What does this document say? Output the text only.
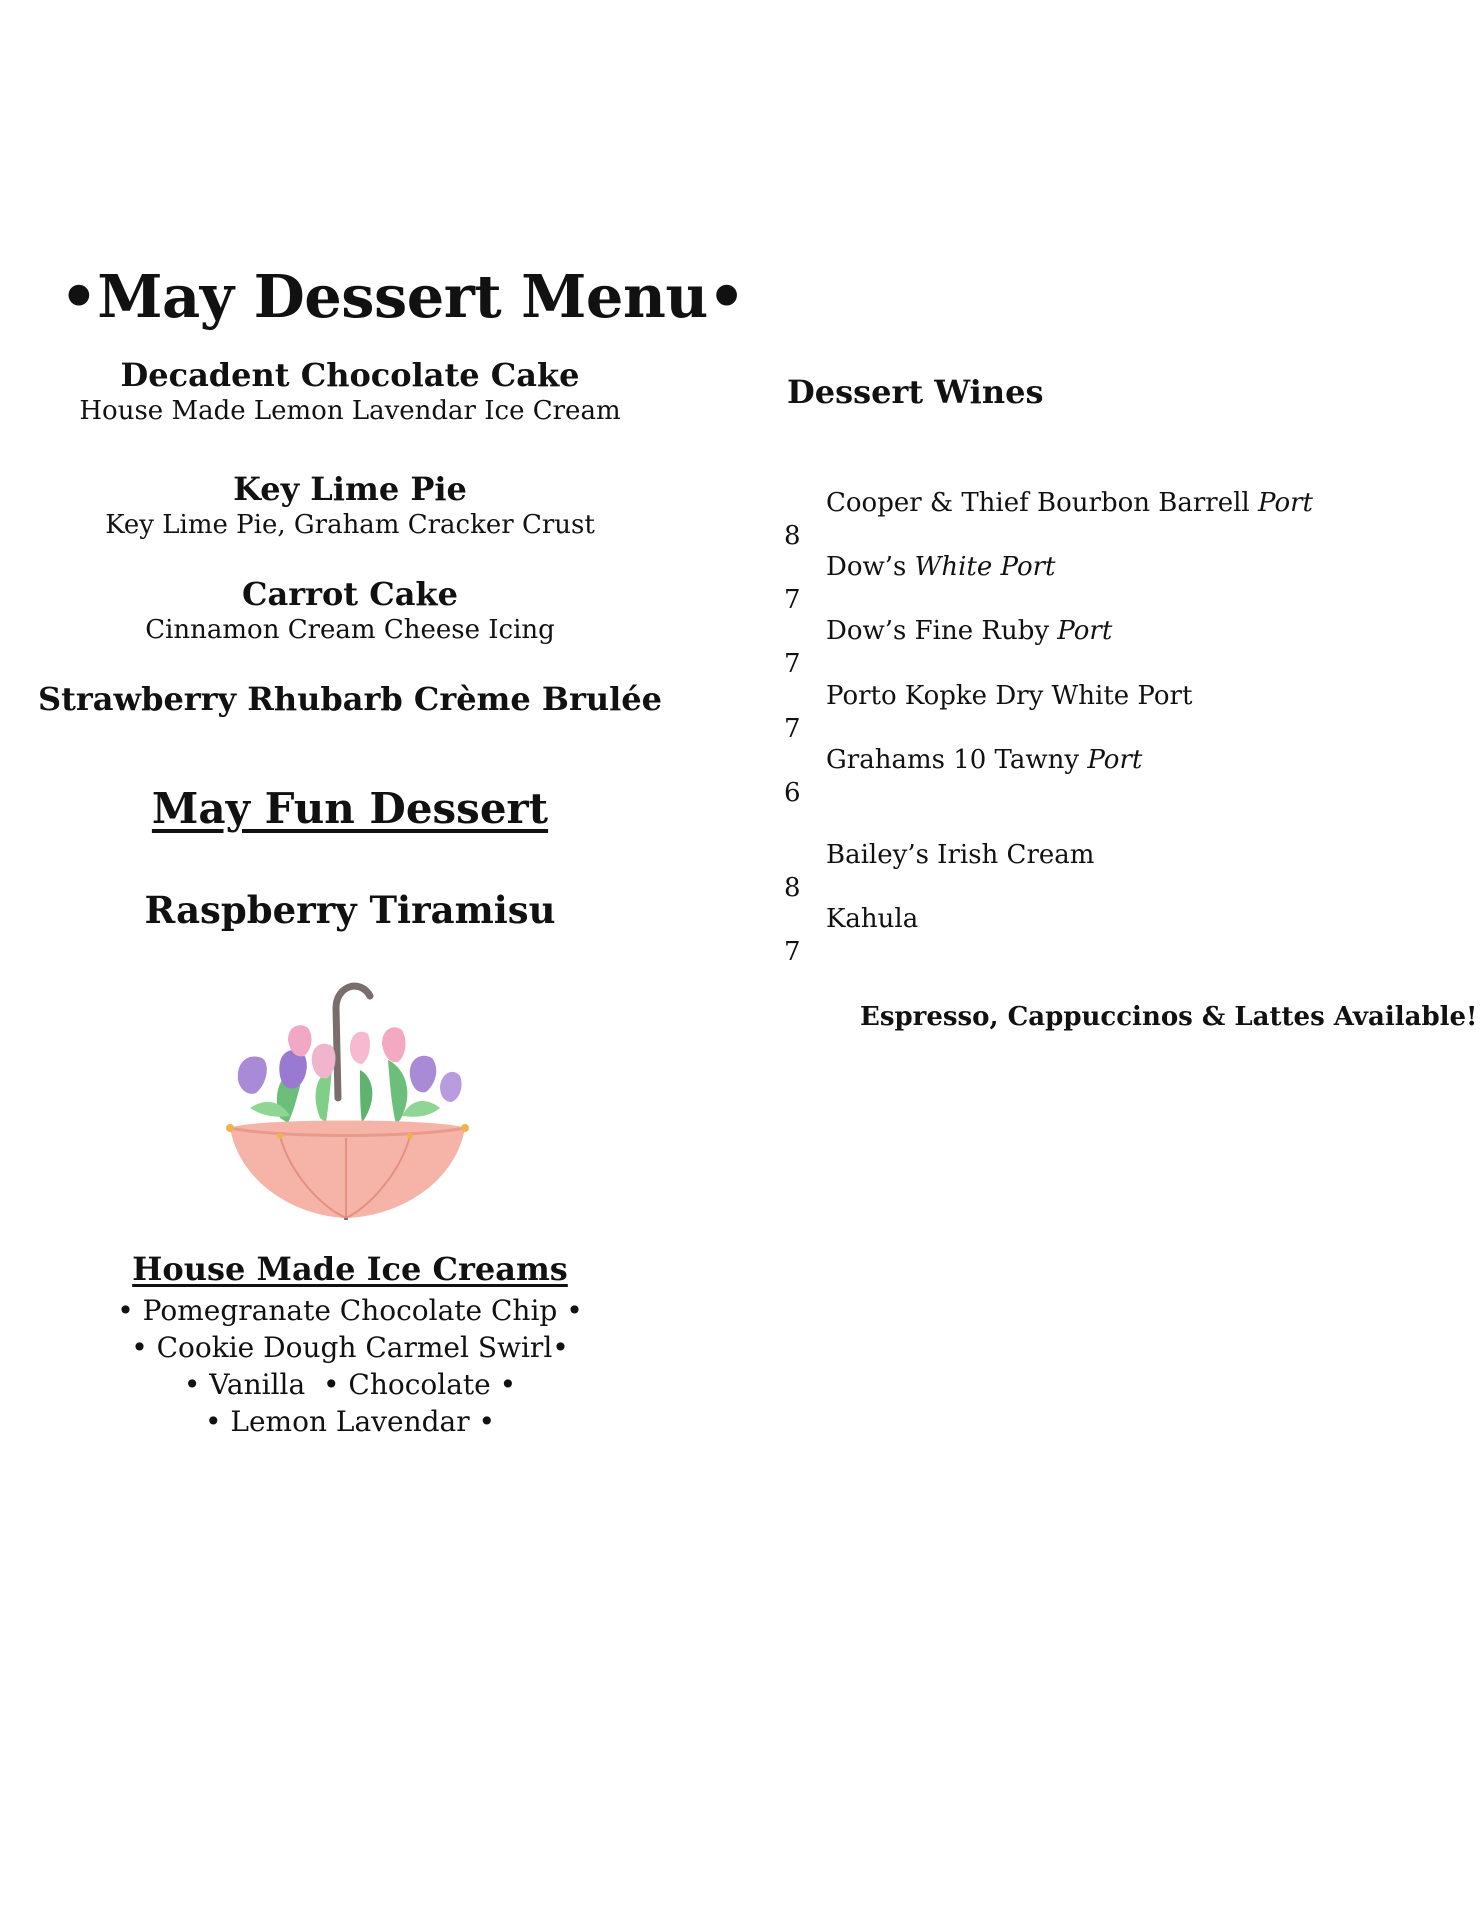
•May Dessert Menu•
Decadent Chocolate Cake
House Made Lemon Lavendar Ice Cream
Key Lime Pie
Key Lime Pie, Graham Cracker Crust
Carrot Cake
Cinnamon Cream Cheese Icing
Strawberry Rhubarb Crème Brulée
May Fun Dessert
Raspberry Tiramisu
House Made Ice Creams
• Pomegranate Chocolate Chip •
• Cookie Dough Carmel Swirl•
• Vanilla  • Chocolate •
• Lemon Lavendar •
Dessert Wines
Cooper & Thief Bourbon Barrell Port
8
Dow’s White Port
7
Dow’s Fine Ruby Port
7
Porto Kopke Dry White Port
7
Grahams 10 Tawny Port
6
Bailey’s Irish Cream
8
Kahula
7
Espresso, Cappuccinos & Lattes Available!
